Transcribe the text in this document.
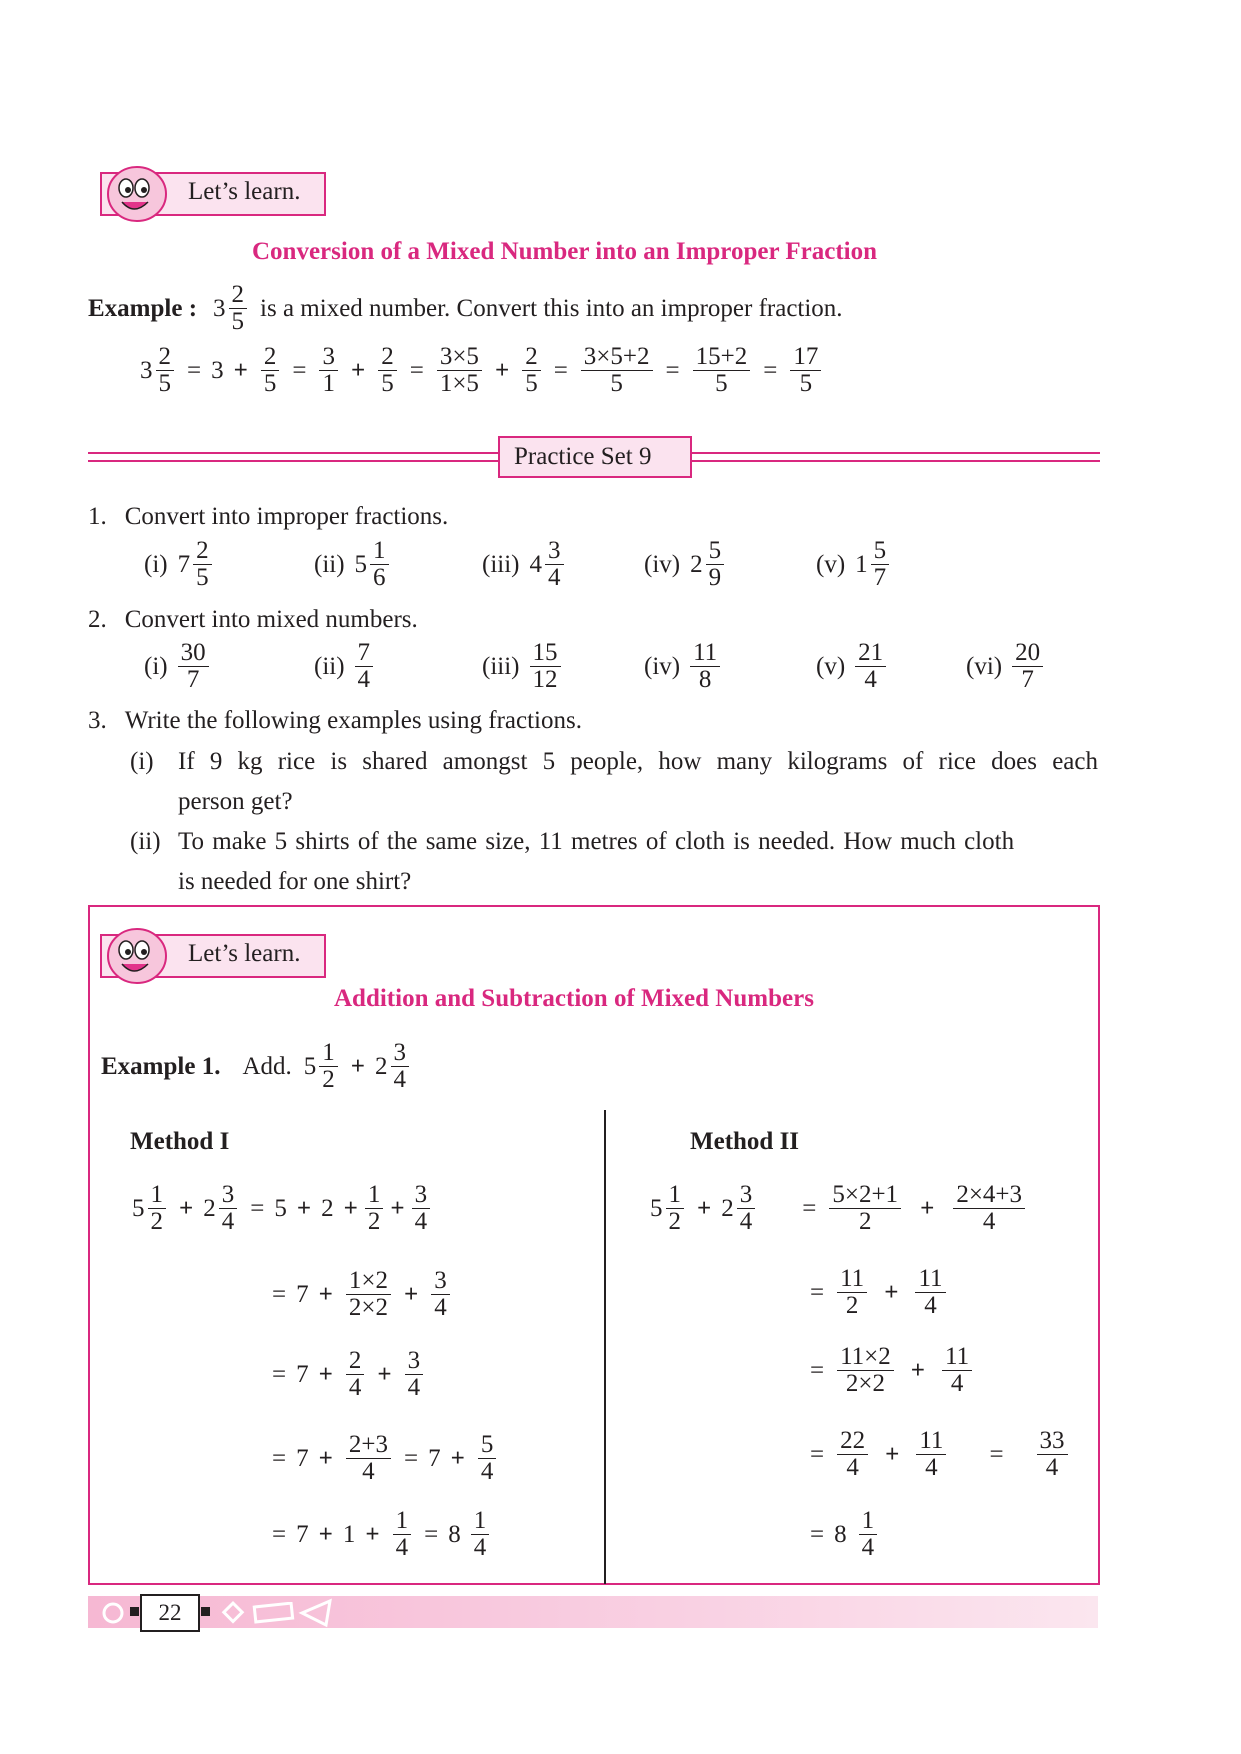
Let’s learn.
Conversion of a Mixed Number into an Improper Fraction
Example : $3 \frac{2}{5}$ is a mixed number. Convert this into an improper fraction.
$3 \frac{2}{5} = 3 + \frac{2}{5} = \frac{3}{1} + \frac{2}{5} = \frac{3\times 5}{1\times 5} + \frac{2}{5} = \frac{3\times 5+2}{5} = \frac{15+2}{5} = \frac{17}{5}$
Practice Set 9
1. Convert into improper fractions.
(i) $7 \frac{2}{5}$	(ii) $5 \frac{1}{6}$	(iii) $4 \frac{3}{4}$	(iv) $2 \frac{5}{9}$	(v) $1 \frac{5}{7}$
2. Convert into mixed numbers.
$(i) \frac{30}{7}$	$(ii) \frac{7}{4}$	$(iii) \frac{15}{12}$	$(iv) \frac{11}{8}$	$(v) \frac{21}{4}$	$(vi) \frac{20}{7}$
3. Write the following examples using fractions.
(i) If 9 kg rice is shared amongst 5 people, how many kilograms of rice does each
person get?
(ii) To make 5 shirts of the same size, 11 metres of cloth is needed. How much cloth
is needed for one shirt?
Let’s learn.
Addition and Subtraction of Mixed Numbers
Example 1. Add. $5 \frac{1}{2} + 2 \frac{3}{4}$
Method I
$5 \frac{1}{2} + 2 \frac{3}{4} = 5 + 2 + \frac{1}{2} + \frac{3}{4}$
= $7 + \frac{1\times 2}{2\times 2} + \frac{3}{4}$
= $7 + \frac{2}{4} + \frac{3}{4}$
= $7 + \frac{2+3}{4} = 7 + \frac{5}{4}$
= $7 + 1 + \frac{1}{4} = 8 \frac{1}{4}$
Method II
$5 \frac{1}{2} + 2 \frac{3}{4} = \frac{5\times 2+1}{2} + \frac{2\times 4+3}{4}$
= $\frac{11}{2} + \frac{11}{4}$
= $\frac{11\times 2}{2\times 2} + \frac{11}{4}$
= $\frac{22}{4} + \frac{11}{4} = \frac{33}{4}$
= $8 \frac{1}{4}$
22
